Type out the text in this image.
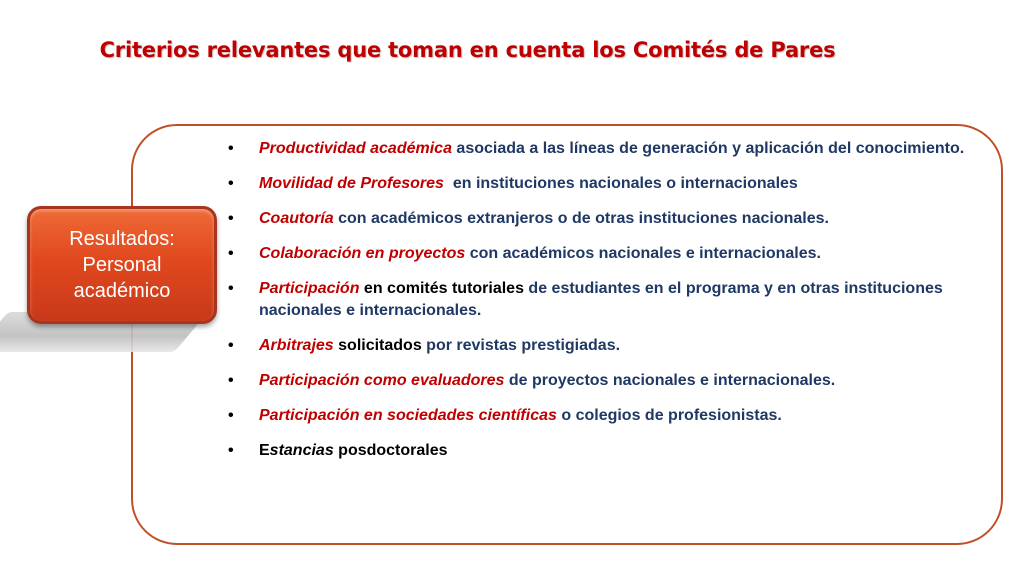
Criterios relevantes que toman en cuenta los Comités de Pares

Resultados:
Personal
académico

• Productividad académica asociada a las líneas de generación y aplicación del conocimiento.
• Movilidad de Profesores  en instituciones nacionales o internacionales
• Coautoría con académicos extranjeros o de otras instituciones nacionales.
• Colaboración en proyectos con académicos nacionales e internacionales.
• Participación en comités tutoriales de estudiantes en el programa y en otras instituciones nacionales e internacionales.
• Arbitrajes solicitados por revistas prestigiadas.
• Participación como evaluadores de proyectos nacionales e internacionales.
• Participación en sociedades científicas o colegios de profesionistas.
• Estancias posdoctorales
